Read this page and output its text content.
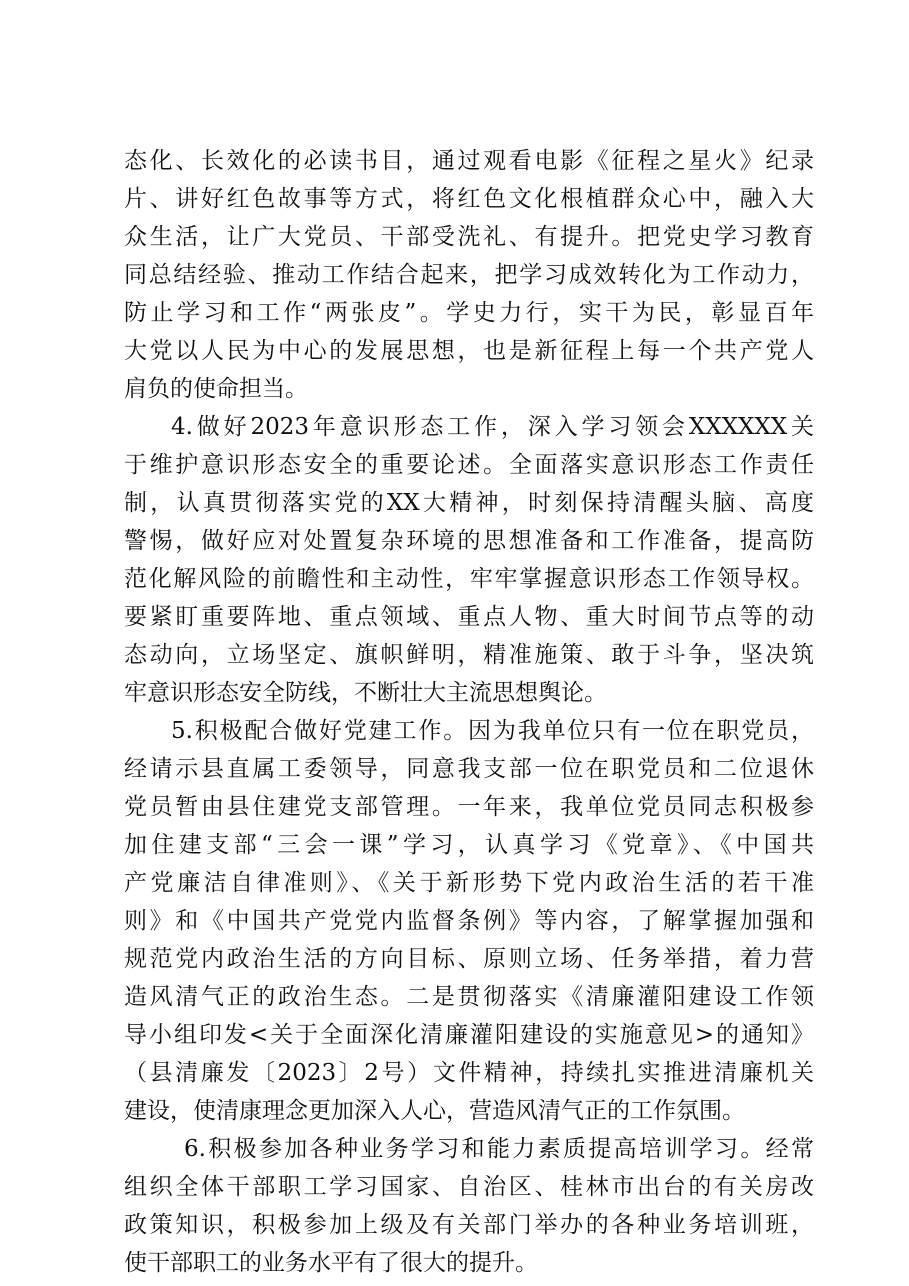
态化、长效化的必读书目，通过观看电影《征程之星火》纪录
片、讲好红色故事等方式，将红色文化根植群众心中，融入大
众生活，让广大党员、干部受洗礼、有提升。把党史学习教育
同总结经验、推动工作结合起来，把学习成效转化为工作动力，
防止学习和工作“两张皮”。学史力行，实干为民，彰显百年
大党以人民为中心的发展思想，也是新征程上每一个共产党人
肩负的使命担当。
4.做好2023年意识形态工作，深入学习领会XXXXXX关
于维护意识形态安全的重要论述。全面落实意识形态工作责任
制，认真贯彻落实党的XX大精神，时刻保持清醒头脑、高度
警惕，做好应对处置复杂环境的思想准备和工作准备，提高防
范化解风险的前瞻性和主动性，牢牢掌握意识形态工作领导权。
要紧盯重要阵地、重点领域、重点人物、重大时间节点等的动
态动向，立场坚定、旗帜鲜明，精准施策、敢于斗争，坚决筑
牢意识形态安全防线，不断壮大主流思想舆论。
5.积极配合做好党建工作。因为我单位只有一位在职党员，
经请示县直属工委领导，同意我支部一位在职党员和二位退休
党员暂由县住建党支部管理。一年来，我单位党员同志积极参
加住建支部“三会一课”学习，认真学习《党章》、《中国共
产党廉洁自律准则》、《关于新形势下党内政治生活的若干准
则》和《中国共产党党内监督条例》等内容，了解掌握加强和
规范党内政治生活的方向目标、原则立场、任务举措，着力营
造风清气正的政治生态。二是贯彻落实《清廉灌阳建设工作领
导小组印发<关于全面深化清廉灌阳建设的实施意见>的通知》
（县清廉发〔2023〕2号）文件精神，持续扎实推进清廉机关
建设，使清康理念更加深入人心，营造风清气正的工作氛围。
6.积极参加各种业务学习和能力素质提高培训学习。经常
组织全体干部职工学习国家、自治区、桂林市出台的有关房改
政策知识，积极参加上级及有关部门举办的各种业务培训班，
使干部职工的业务水平有了很大的提升。
